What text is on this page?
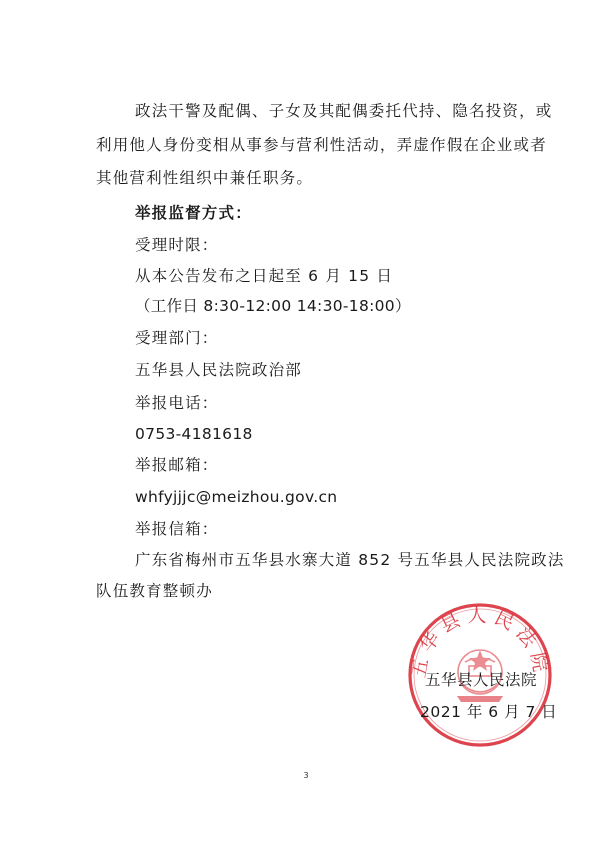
政法干警及配偶、子女及其配偶委托代持、隐名投资，或
利用他人身份变相从事参与营利性活动，弄虚作假在企业或者
其他营利性组织中兼任职务。
举报监督方式：
受理时限：
从本公告发布之日起至 6 月 15 日
（工作日 8:30-12:00 14:30-18:00）
受理部门：
五华县人民法院政治部
举报电话：
0753-4181618
举报邮箱：
whfyjjjc@meizhou.gov.cn
举报信箱：
广东省梅州市五华县水寨大道 852 号五华县人民法院政法
队伍教育整顿办
五华县人民法院
五华县人民法院
2021 年 6 月 7 日
3
